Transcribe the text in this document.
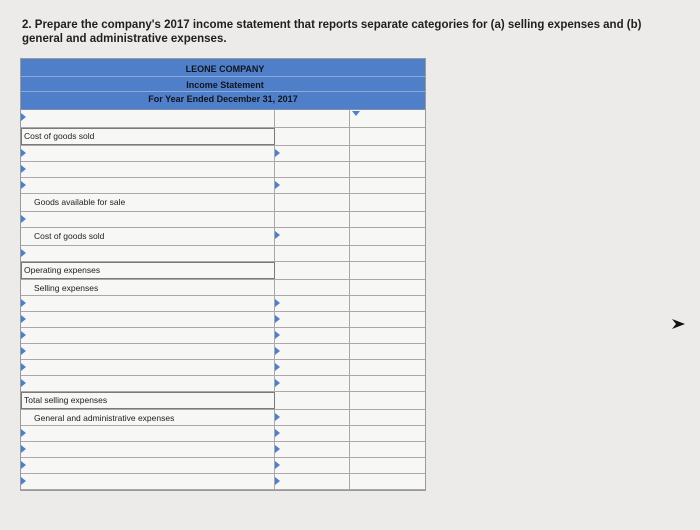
2. Prepare the company's 2017 income statement that reports separate categories for (a) selling expenses and (b) general and administrative expenses.
LEONE COMPANY
Income Statement
For Year Ended December 31, 2017
Cost of goods sold
Goods available for sale
Cost of goods sold
Operating expenses
Selling expenses
Total selling expenses
General and administrative expenses
